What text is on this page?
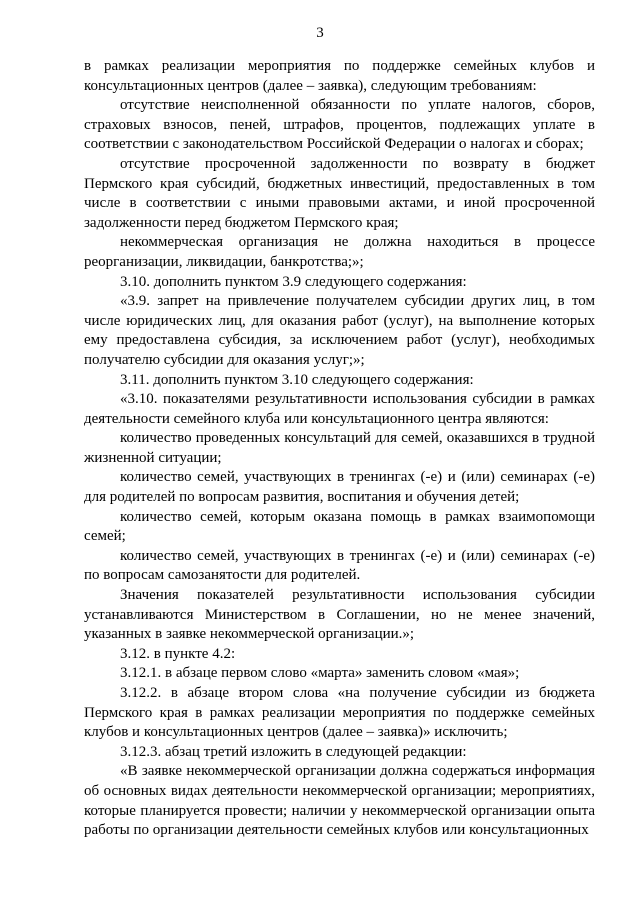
3

в рамках реализации мероприятия по поддержке семейных клубов и консультационных центров (далее – заявка), следующим требованиям:

отсутствие неисполненной обязанности по уплате налогов, сборов, страховых взносов, пеней, штрафов, процентов, подлежащих уплате в соответствии с законодательством Российской Федерации о налогах и сборах;

отсутствие просроченной задолженности по возврату в бюджет Пермского края субсидий, бюджетных инвестиций, предоставленных в том числе в соответствии с иными правовыми актами, и иной просроченной задолженности перед бюджетом Пермского края;

некоммерческая организация не должна находиться в процессе реорганизации, ликвидации, банкротства;»;

3.10. дополнить пунктом 3.9 следующего содержания:

«3.9. запрет на привлечение получателем субсидии других лиц, в том числе юридических лиц, для оказания работ (услуг), на выполнение которых ему предоставлена субсидия, за исключением работ (услуг), необходимых получателю субсидии для оказания услуг;»;

3.11. дополнить пунктом 3.10 следующего содержания:

«3.10. показателями результативности использования субсидии в рамках деятельности семейного клуба или консультационного центра являются:

количество проведенных консультаций для семей, оказавшихся в трудной жизненной ситуации;

количество семей, участвующих в тренингах (-е) и (или) семинарах (-е) для родителей по вопросам развития, воспитания и обучения детей;

количество семей, которым оказана помощь в рамках взаимопомощи семей;

количество семей, участвующих в тренингах (-е) и (или) семинарах (-е) по вопросам самозанятости для родителей.

Значения показателей результативности использования субсидии устанавливаются Министерством в Соглашении, но не менее значений, указанных в заявке некоммерческой организации.»;

3.12. в пункте 4.2:

3.12.1. в абзаце первом слово «марта» заменить словом «мая»;

3.12.2. в абзаце втором слова «на получение субсидии из бюджета Пермского края в рамках реализации мероприятия по поддержке семейных клубов и консультационных центров (далее – заявка)» исключить;

3.12.3. абзац третий изложить в следующей редакции:

«В заявке некоммерческой организации должна содержаться информация об основных видах деятельности некоммерческой организации; мероприятиях, которые планируется провести; наличии у некоммерческой организации опыта работы по организации деятельности семейных клубов или консультационных
